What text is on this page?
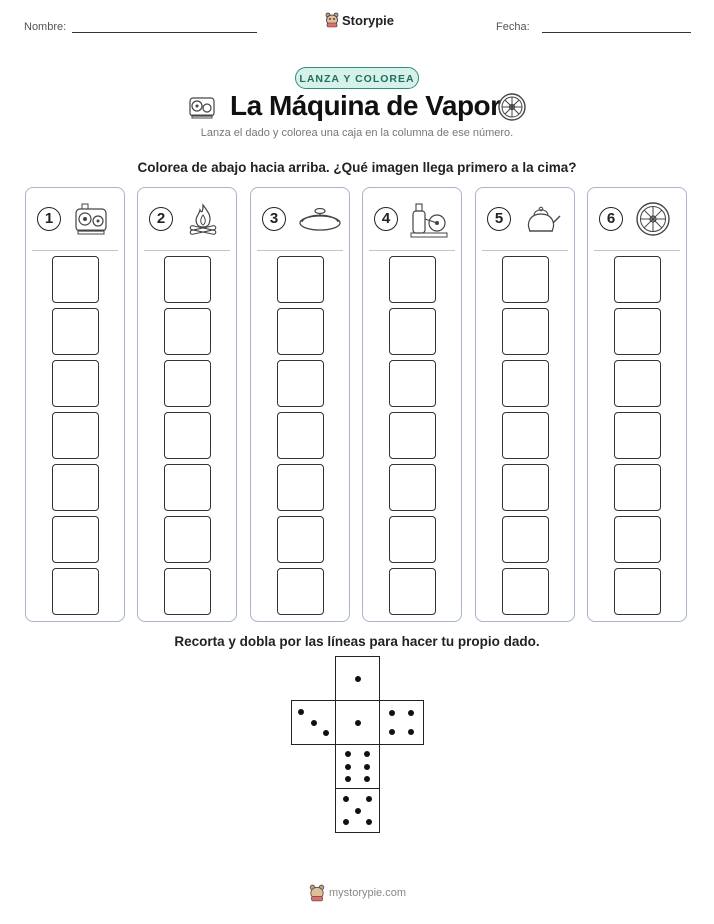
Nombre:	Storypie	Fecha:
LANZA Y COLOREA
La Máquina de Vapor
Lanza el dado y colorea una caja en la columna de ese número.
Colorea de abajo hacia arriba. ¿Qué imagen llega primero a la cima?
1	2	3	4	5	6
Recorta y dobla por las líneas para hacer tu propio dado.
mystorypie.com
